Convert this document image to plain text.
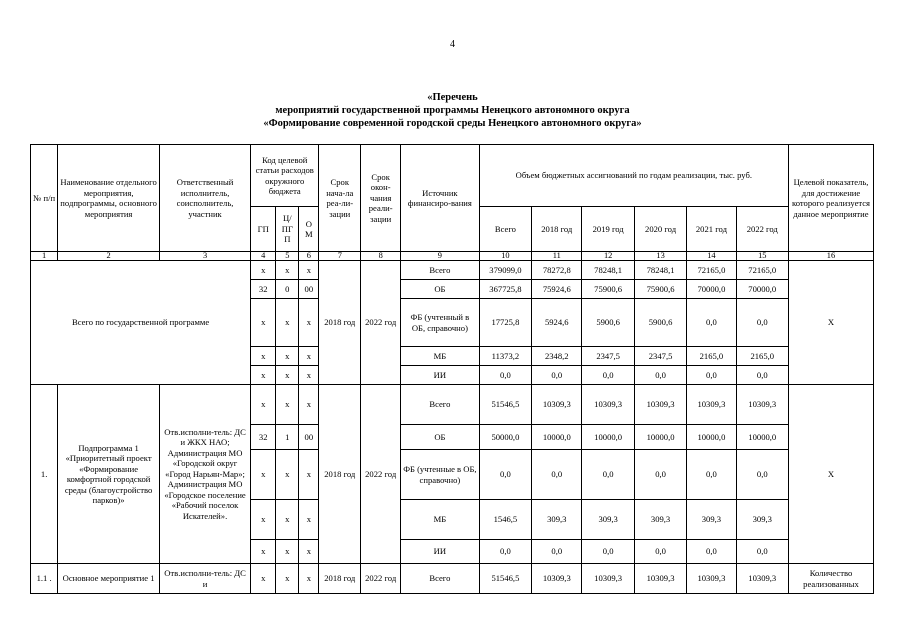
4
«Перечень
мероприятий государственной программы Ненецкого автономного округа
«Формирование современной городской среды Ненецкого автономного округа»
№ п/п	Наименование отдельного мероприятия, подпрограммы, основного мероприятия	Ответственный исполнитель, соисполнитель, участник	Код целевой статьи расходов окружного бюджета			Срок нача-ла реа-ли-зации	Срок окон-чания реали-зации	Источник финансиро-вания	Объем бюджетных ассигнований по годам реализации, тыс. руб.						Целевой показатель, для достижение которого реализуется данное мероприятие
			ГП	Ц/ ПГ П	О М				Всего	2018 год	2019 год	2020 год	2021 год	2022 год	
1	2	3	4	5	6	7	8	9	10	11	12	13	14	15	16
Всего по государственной программе			х	х	х	2018 год	2022 год	Всего	379099,0	78272,8	78248,1	78248,1	72165,0	72165,0	Х
			32	0	00			ОБ	367725,8	75924,6	75900,6	75900,6	70000,0	70000,0	
			х	х	х			ФБ (учтенный в ОБ, справочно)	17725,8	5924,6	5900,6	5900,6	0,0	0,0	
			х	х	х			МБ	11373,2	2348,2	2347,5	2347,5	2165,0	2165,0	
			х	х	х			ИИ	0,0	0,0	0,0	0,0	0,0	0,0	
1.	Подпрограмма 1 «Приоритетный проект «Формирование комфортной городской среды (благоустройство парков)»	Отв.исполни-тель: ДС и ЖКХ НАО; Администрация МО «Городской округ «Город Нарьян-Мар»; Администрация МО «Городское поселение «Рабочий поселок Искателей».	х	х	х	2018 год	2022 год	Всего	51546,5	10309,3	10309,3	10309,3	10309,3	10309,3	Х
			32	1	00			ОБ	50000,0	10000,0	10000,0	10000,0	10000,0	10000,0	
			х	х	х			ФБ (учтенные в ОБ, справочно)	0,0	0,0	0,0	0,0	0,0	0,0	
			х	х	х			МБ	1546,5	309,3	309,3	309,3	309,3	309,3	
			х	х	х			ИИ	0,0	0,0	0,0	0,0	0,0	0,0	
1.1 .	Основное мероприятие 1	Отв.исполни-тель: ДС и	х	х	х	2018 год	2022 год	Всего	51546,5	10309,3	10309,3	10309,3	10309,3	10309,3	Количество реализованных
